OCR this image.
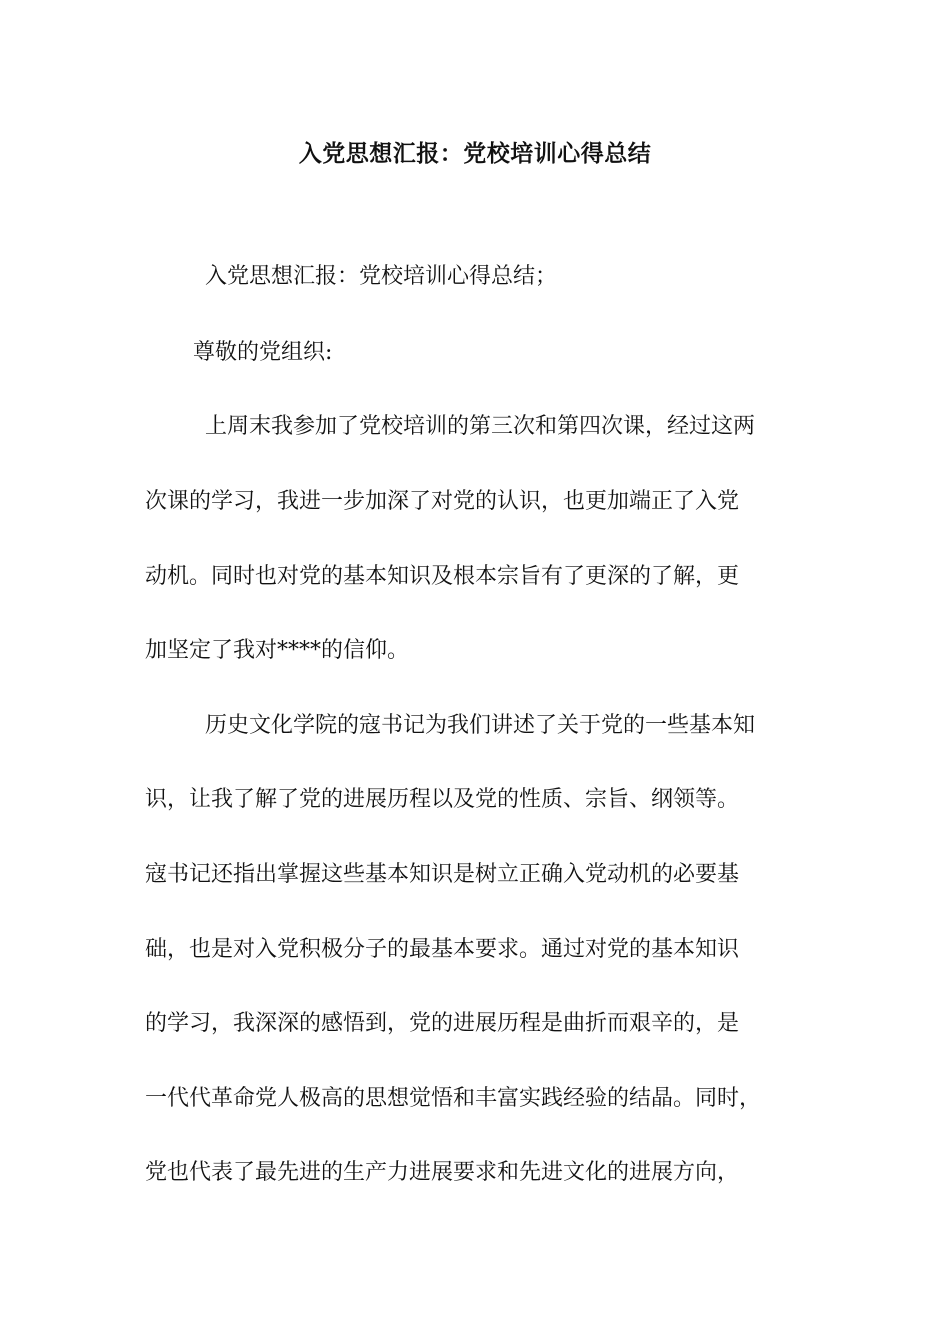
入党思想汇报：党校培训心得总结
入党思想汇报：党校培训心得总结；
尊敬的党组织:
上周末我参加了党校培训的第三次和第四次课，经过这两
次课的学习，我进一步加深了对党的认识，也更加端正了入党
动机。同时也对党的基本知识及根本宗旨有了更深的了解，更
加坚定了我对****的信仰。
历史文化学院的寇书记为我们讲述了关于党的一些基本知
识，让我了解了党的进展历程以及党的性质、宗旨、纲领等。
寇书记还指出掌握这些基本知识是树立正确入党动机的必要基
础，也是对入党积极分子的最基本要求。通过对党的基本知识
的学习，我深深的感悟到，党的进展历程是曲折而艰辛的，是
一代代革命党人极高的思想觉悟和丰富实践经验的结晶。同时，
党也代表了最先进的生产力进展要求和先进文化的进展方向，
